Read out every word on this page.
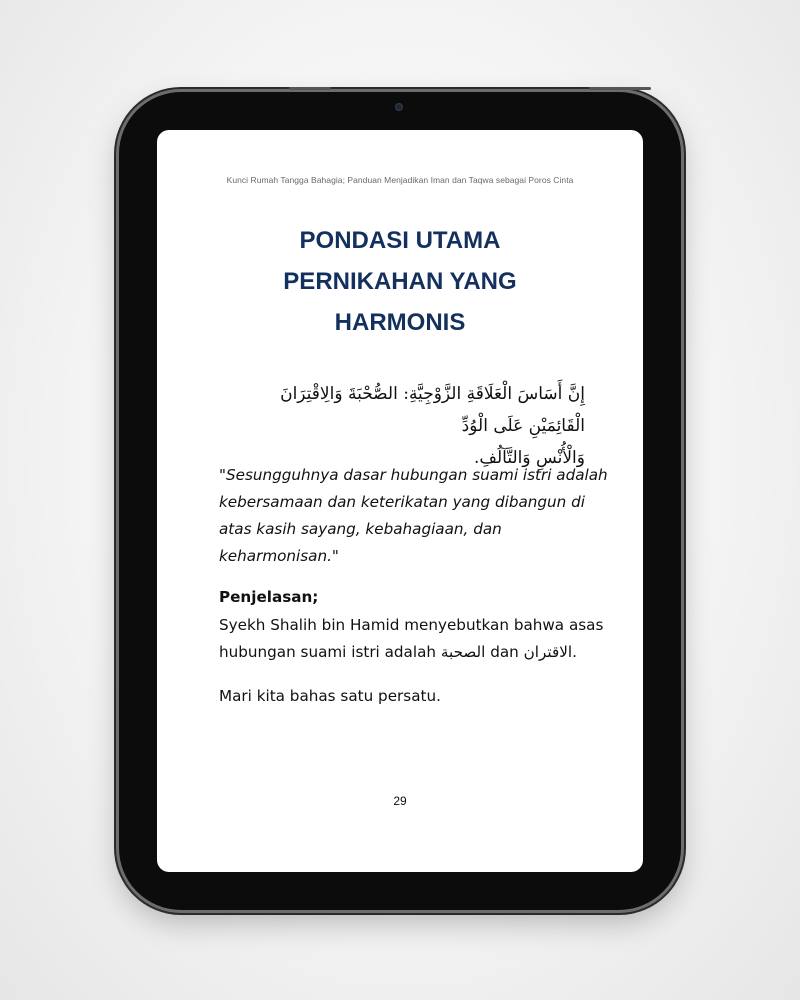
Kunci Rumah Tangga Bahagia; Panduan Menjadikan Iman dan Taqwa sebagai Poros Cinta
PONDASI UTAMA
PERNIKAHAN YANG
HARMONIS
إِنَّ أَسَاسَ الْعَلَاقَةِ الزَّوْجِيَّةِ: الصُّحْبَةَ وَالِاقْتِرَانَ الْقَائِمَيْنِ عَلَى الْوُدِّ
وَالْأُنْسِ وَالتَّآلُفِ.
"Sesungguhnya dasar hubungan suami istri adalah
kebersamaan dan keterikatan yang dibangun di
atas kasih sayang, kebahagiaan, dan
keharmonisan."
Penjelasan;
Syekh Shalih bin Hamid menyebutkan bahwa asas
hubungan suami istri adalah الصحبة dan الاقتران.
Mari kita bahas satu persatu.
29
